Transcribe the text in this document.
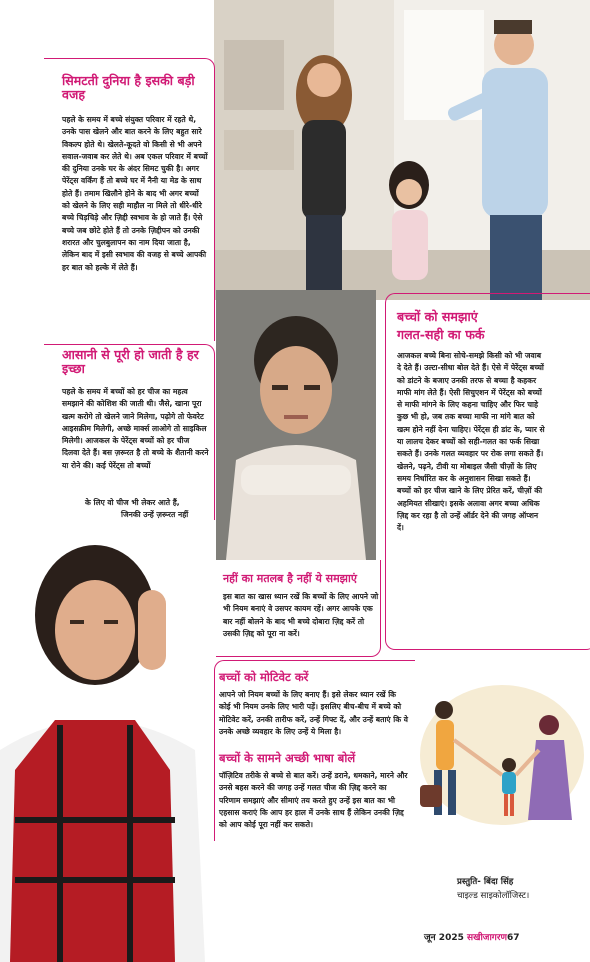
सिमटती दुनिया है इसकी बड़ी वजह
पहले के समय में बच्चे संयुक्त परिवार में रहते थे, उनके पास खेलने और बात करने के लिए बहुत सारे विकल्प होते थे। खेलते-कूदते वो किसी से भी अपने सवाल-जवाब कर लेते थे। अब एकल परिवार में बच्चों की दुनिया उनके घर के अंदर सिमट चुकी है। अगर पेरेंट्स वर्किंग हैं तो बच्चे घर में नैनी या मेड के साथ होते हैं। तमाम खिलौने होने के बाद भी अगर बच्चों को खेलने के लिए सही माहौल ना मिले तो धीरे-धीरे बच्चे चिड़चिड़े और ज़िद्दी स्वभाव के हो जाते हैं। ऐसे बच्चे जब छोटे होते हैं तो उनके ज़िद्दीपन को उनकी शरारत और चुलबुलापन का नाम दिया जाता है, लेकिन बाद में इसी स्वभाव की वजह से बच्चे आपकी हर बात को हल्के में लेते हैं।
आसानी से पूरी हो जाती है हर इच्छा
पहले के समय में बच्चों को हर चीज का महत्व समझाने की कोशिश की जाती थी। जैसे, खाना पूरा खत्म करोगे तो खेलने जाने मिलेगा, पढ़ोगे तो फेवरेट आइसक्रीम मिलेगी, अच्छे मार्क्स लाओगे तो साइकिल मिलेगी। आजकल के पेरेंट्स बच्चों को हर चीज दिलवा देते हैं। बस ज़रूरत है तो बच्चे के शैतानी करने या रोने की। कई पेरेंट्स तो बच्चों
के लिए वो चीज भी लेकर आते हैं,
जिनकी उन्हें ज़रूरत नहीं
बच्चों को समझाएं
गलत-सही का फर्क
आजकल बच्चे बिना सोचे-समझे किसी को भी जवाब दे देते हैं। उल्टा-सीधा बोल देते हैं। ऐसे में पेरेंट्स बच्चों को डांटने के बजाए उनकी तरफ से बच्चा है कहकर माफी मांग लेते हैं। ऐसी सिचुएशन में पेरेंट्स को बच्चों से माफी मांगने के लिए कहना चाहिए और फिर चाहे कुछ भी हो, जब तक बच्चा माफी ना मांगे बात को खत्म होने नहीं देना चाहिए। पेरेंट्स ही डांट के, प्यार से या लालच देकर बच्चों को सही-गलत का फर्क सिखा सकते हैं। उनके गलत व्यवहार पर रोक लगा सकते हैं। खेलने, पढ़ने, टीवी या मोबाइल जैसी चीज़ों के लिए समय निर्धारित कर के अनुशासन सिखा सकते हैं। बच्चों को हर चीज खाने के लिए प्रेरित करें, चीज़ों की अहमियत सीखाएं। इसके अलावा अगर बच्चा अधिक ज़िद्द कर रहा है तो उन्हें ऑर्डर देने की जगह ऑप्शन दें।
नहीं का मतलब है नहीं ये समझाएं
इस बात का खास ध्यान रखें कि बच्चों के लिए आपने जो भी नियम बनाएं वे उसपर कायम रहें। अगर आपके एक बार नहीं बोलने के बाद भी बच्चे दोबारा ज़िद्द करें तो उसकी ज़िद्द को पूरा ना करें।
बच्चों को मोटिवेट करें
आपने जो नियम बच्चों के लिए बनाए हैं। इसे लेकर ध्यान रखें कि कोई भी नियम उनके लिए भारी पड़ें। इसलिए बीच-बीच में बच्चे को मोटिवेट करें, उनकी तारीफ करें, उन्हें गिफ्ट दें, और उन्हें बताएं कि वे उनके अच्छे व्यवहार के लिए उन्हें ये मिला है।
बच्चों के सामने अच्छी भाषा बोलें
पॉज़िटिव तरीके से बच्चे से बात करें। उन्हें डराने, धमकाने, मारने और उनसे बहस करने की जगह उन्हें गलत चीज की ज़िद्द करने का परिणाम समझाएं और सीमाएं तय करते हुए उन्हें इस बात का भी एहसास कराएं कि आप हर हाल में उनके साथ हैं लेकिन उनकी ज़िद्द को आप कोई पूरा नहीं कर सकते।
प्रस्तुति- बिंदा सिंह
चाइल्ड साइकोलॉजिस्ट।
जून 2025 सखीजागरण67
